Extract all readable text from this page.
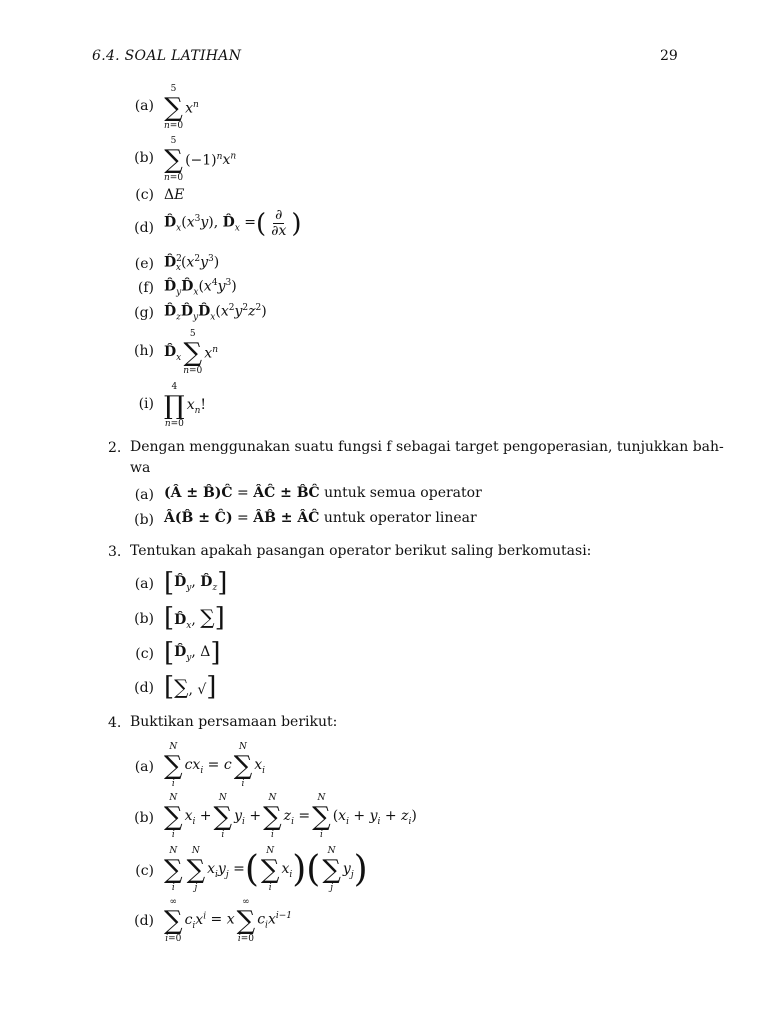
6.4. SOAL LATIHAN	29
(a)
5
∑
n=0
$x^n$
(b)
5
∑
n=0
$(-1)^nx^n$
(c) ΔE
(d) $D̂_x(x^3y)$, $D̂_x$ = ( $\frac{\partial}{\partial x}$ )
(e) $D̂^2_x(x^2y^3)$
(f) $D̂_yD̂_x(x^4y^3)$
(g) $D̂_zD̂_yD̂_x(x^2y^2z^2)$
(h) $D̂_x$
5
∑
n=0
$x^n$
(i)
4
∏
n=0
$x_n$!
2. Dengan menggunakan suatu fungsi f sebagai target pengoperasian, tunjukkan bah-
wa
(a) (Â ± B̂)Ĉ = ÂĈ ± B̂Ĉ
untuk semua operator
(b) Â(B̂ ± Ĉ) = ÂB̂ ± ÂĈ
untuk operator linear
3. Tentukan apakah pasangan operator berikut saling berkomutasi:
(a) [ $D̂_y$, $D̂_z$ ]
(b) [ $D̂_x$, ∑ ]
(c) [ $D̂_y$, Δ ]
(d) [ ∑, √ ]
4. Buktikan persamaan berikut:
(a)
N
∑
i
$cx_i = c$
N
∑
i
$x_i$
(b)
N
∑
i
$x_i$ +
N
∑
i
$y_i$ +
N
∑
i
$z_i$ =
N
∑
i
$(x_i + y_i + z_i)$
(c)
N
∑
i
N
∑
j
$x_iy_j$ = ( N
∑
i
$x_i$ ) ( N
∑
j
$y_j$ )
(d)
∞
∑
i=0
$c_ix^i = x$
∞
∑
i=0
$c_ix^{i-1}$
